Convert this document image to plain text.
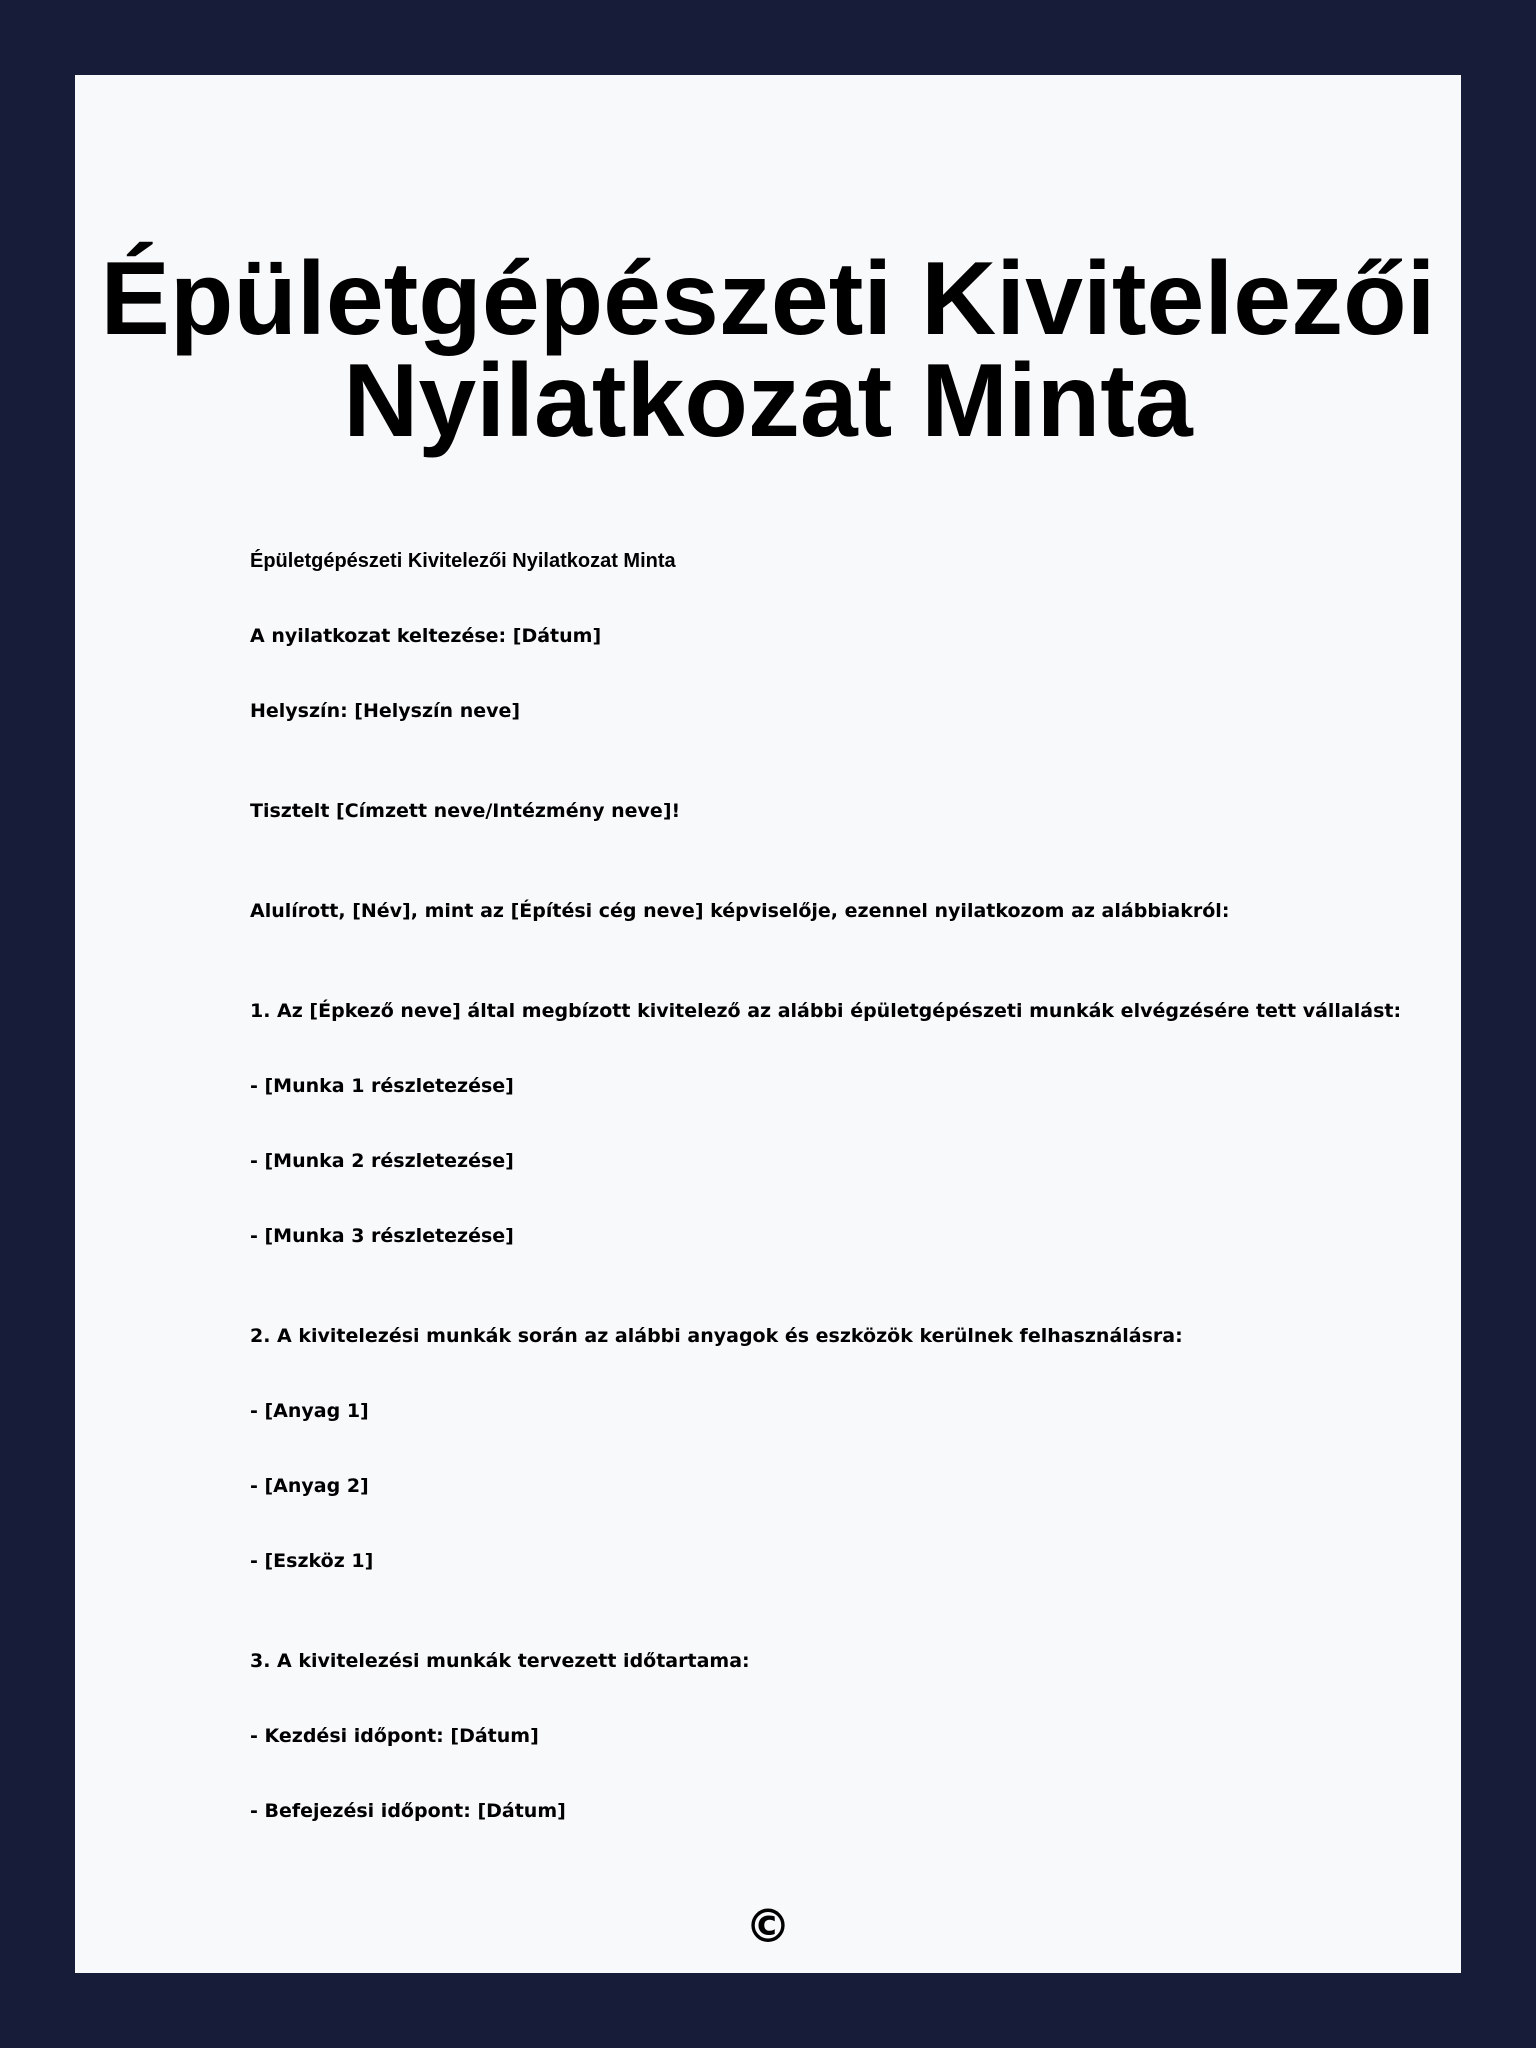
Épületgépészeti Kivitelezői
Nyilatkozat Minta
Épületgépészeti Kivitelezői Nyilatkozat Minta
A nyilatkozat keltezése: [Dátum]
Helyszín: [Helyszín neve]
Tisztelt [Címzett neve/Intézmény neve]!
Alulírott, [Név], mint az [Építési cég neve] képviselője, ezennel nyilatkozom az alábbiakról:
1. Az [Épkező neve] által megbízott kivitelező az alábbi épületgépészeti munkák elvégzésére tett vállalást:
- [Munka 1 részletezése]
- [Munka 2 részletezése]
- [Munka 3 részletezése]
2. A kivitelezési munkák során az alábbi anyagok és eszközök kerülnek felhasználásra:
- [Anyag 1]
- [Anyag 2]
- [Eszköz 1]
3. A kivitelezési munkák tervezett időtartama:
- Kezdési időpont: [Dátum]
- Befejezési időpont: [Dátum]
©
